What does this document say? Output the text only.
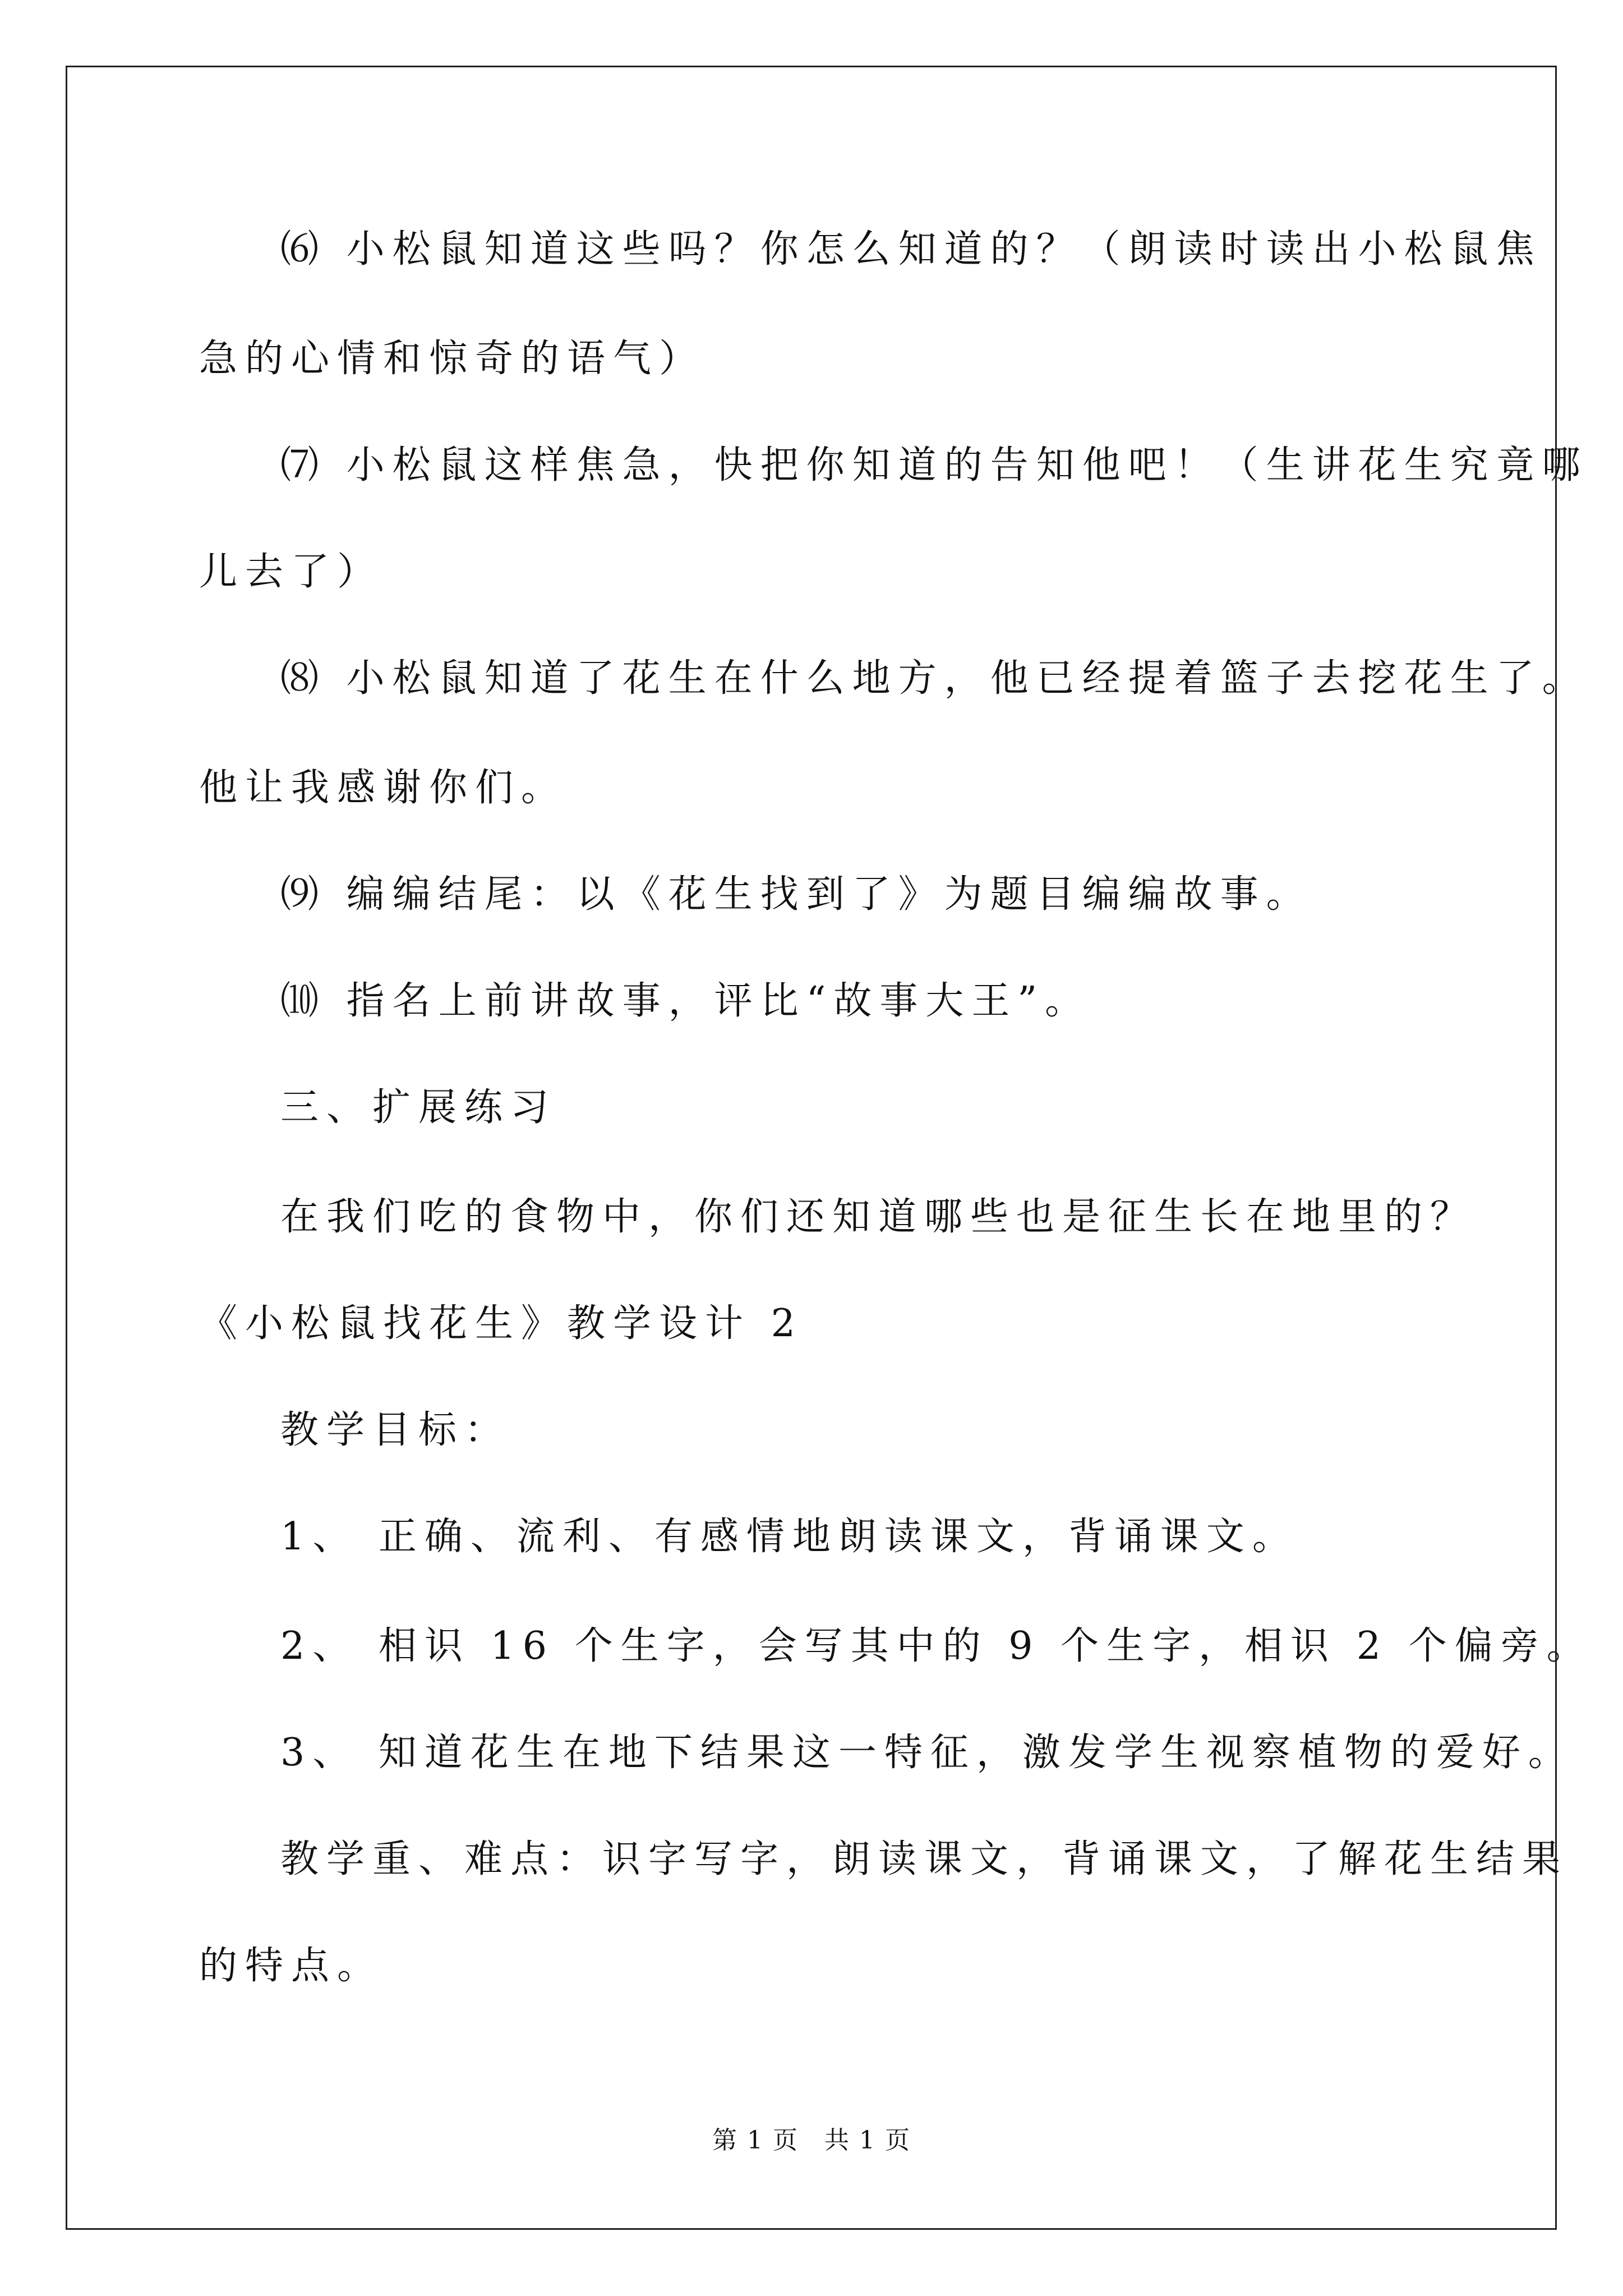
⑹ 小松鼠知道这些吗？你怎么知道的？（朗读时读出小松鼠焦
急的心情和惊奇的语气）
⑺ 小松鼠这样焦急，快把你知道的告知他吧！（生讲花生究竟哪
儿去了）
⑻ 小松鼠知道了花生在什么地方，他已经提着篮子去挖花生了。
他让我感谢你们。
⑼ 编编结尾：以《花生找到了》为题目编编故事。
⑽ 指名上前讲故事，评比“故事大王”。
三、扩展练习
在我们吃的食物中，你们还知道哪些也是征生长在地里的？
《小松鼠找花生》教学设计 2
教学目标：
1、 正确、流利、有感情地朗读课文，背诵课文。
2、 相识 16 个生字，会写其中的 9 个生字，相识 2 个偏旁。
3、 知道花生在地下结果这一特征，激发学生视察植物的爱好。
教学重、难点：识字写字，朗读课文，背诵课文，了解花生结果
的特点。
第 1 页　共 1 页
